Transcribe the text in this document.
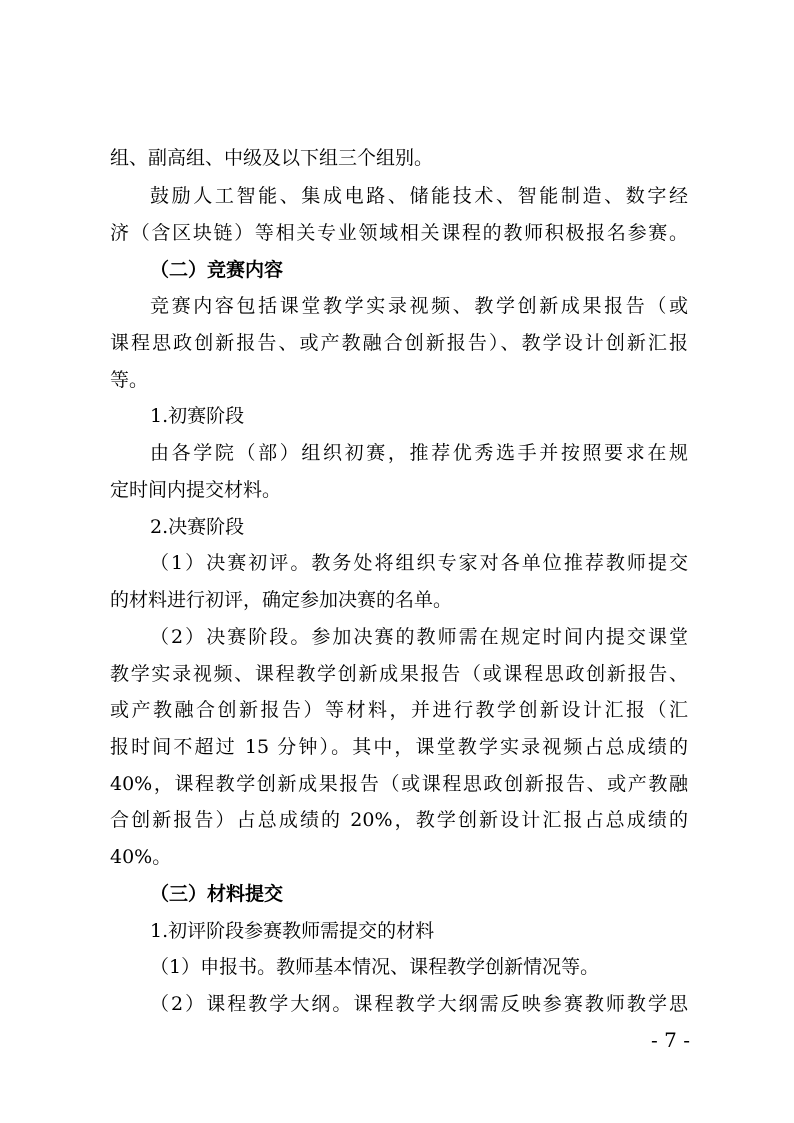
组、副高组、中级及以下组三个组别。
鼓励人工智能、集成电路、储能技术、智能制造、数字经
济（含区块链）等相关专业领域相关课程的教师积极报名参赛。
（二）竞赛内容
竞赛内容包括课堂教学实录视频、教学创新成果报告（或
课程思政创新报告、或产教融合创新报告）、教学设计创新汇报
等。
1.初赛阶段
由各学院（部）组织初赛，推荐优秀选手并按照要求在规
定时间内提交材料。
2.决赛阶段
（1）决赛初评。教务处将组织专家对各单位推荐教师提交
的材料进行初评，确定参加决赛的名单。
（2）决赛阶段。参加决赛的教师需在规定时间内提交课堂
教学实录视频、课程教学创新成果报告（或课程思政创新报告、
或产教融合创新报告）等材料，并进行教学创新设计汇报（汇
报时间不超过 15 分钟）。其中，课堂教学实录视频占总成绩的
40%，课程教学创新成果报告（或课程思政创新报告、或产教融
合创新报告）占总成绩的 20%，教学创新设计汇报占总成绩的
40%。
（三）材料提交
1.初评阶段参赛教师需提交的材料
（1）申报书。教师基本情况、课程教学创新情况等。
（2）课程教学大纲。课程教学大纲需反映参赛教师教学思
- 7 -
